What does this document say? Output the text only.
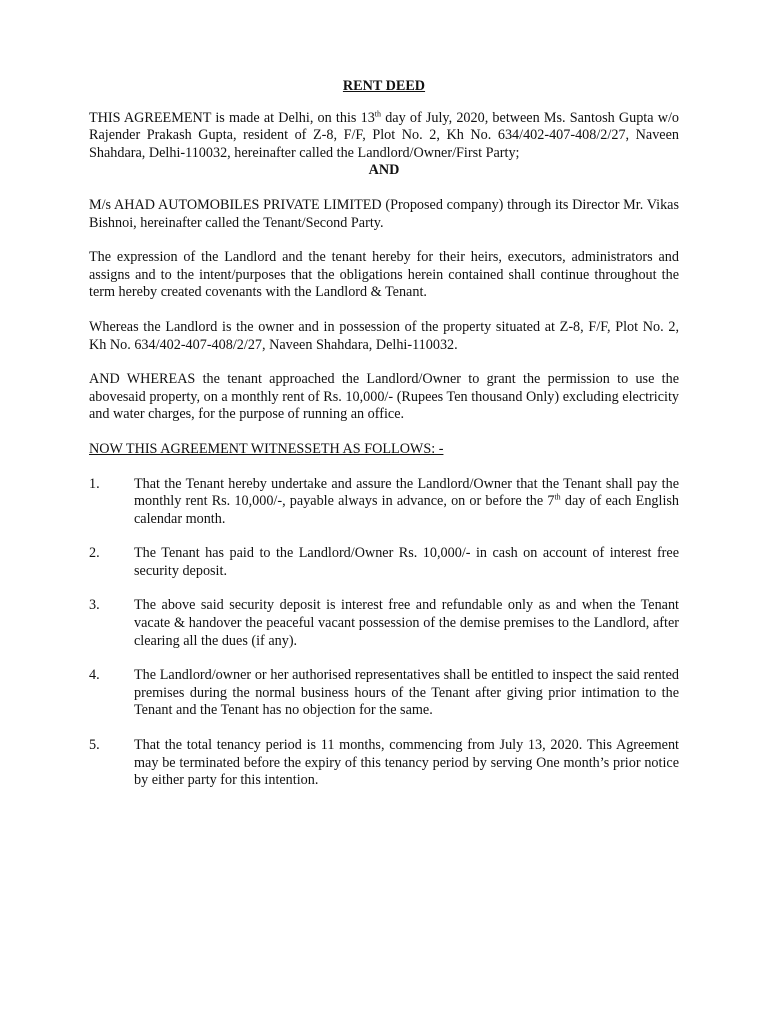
RENT DEED

THIS AGREEMENT is made at Delhi, on this 13th day of July, 2020, between Ms. Santosh Gupta w/o Rajender Prakash Gupta, resident of Z-8, F/F, Plot No. 2, Kh No. 634/402-407-408/2/27, Naveen Shahdara, Delhi-110032, hereinafter called the Landlord/Owner/First Party;

AND

M/s AHAD AUTOMOBILES PRIVATE LIMITED (Proposed company) through its Director Mr. Vikas Bishnoi, hereinafter called the Tenant/Second Party.

The expression of the Landlord and the tenant hereby for their heirs, executors, administrators and assigns and to the intent/purposes that the obligations herein contained shall continue throughout the term hereby created covenants with the Landlord & Tenant.

Whereas the Landlord is the owner and in possession of the property situated at Z-8, F/F, Plot No. 2, Kh No. 634/402-407-408/2/27, Naveen Shahdara, Delhi-110032.

AND WHEREAS the tenant approached the Landlord/Owner to grant the permission to use the abovesaid property, on a monthly rent of Rs. 10,000/- (Rupees Ten thousand Only) excluding electricity and water charges, for the purpose of running an office.

NOW THIS AGREEMENT WITNESSETH AS FOLLOWS: -
1.	That the Tenant hereby undertake and assure the Landlord/Owner that the Tenant shall pay the monthly rent Rs. 10,000/-, payable always in advance, on or before the 7th day of each English calendar month.
2.	The Tenant has paid to the Landlord/Owner Rs. 10,000/- in cash on account of interest free security deposit.
3.	The above said security deposit is interest free and refundable only as and when the Tenant vacate & handover the peaceful vacant possession of the demise premises to the Landlord, after clearing all the dues (if any).
4.	The Landlord/owner or her authorised representatives shall be entitled to inspect the said rented premises during the normal business hours of the Tenant after giving prior intimation to the Tenant and the Tenant has no objection for the same.
5.	That the total tenancy period is 11 months, commencing from July 13, 2020. This Agreement may be terminated before the expiry of this tenancy period by serving One month’s prior notice by either party for this intention.
